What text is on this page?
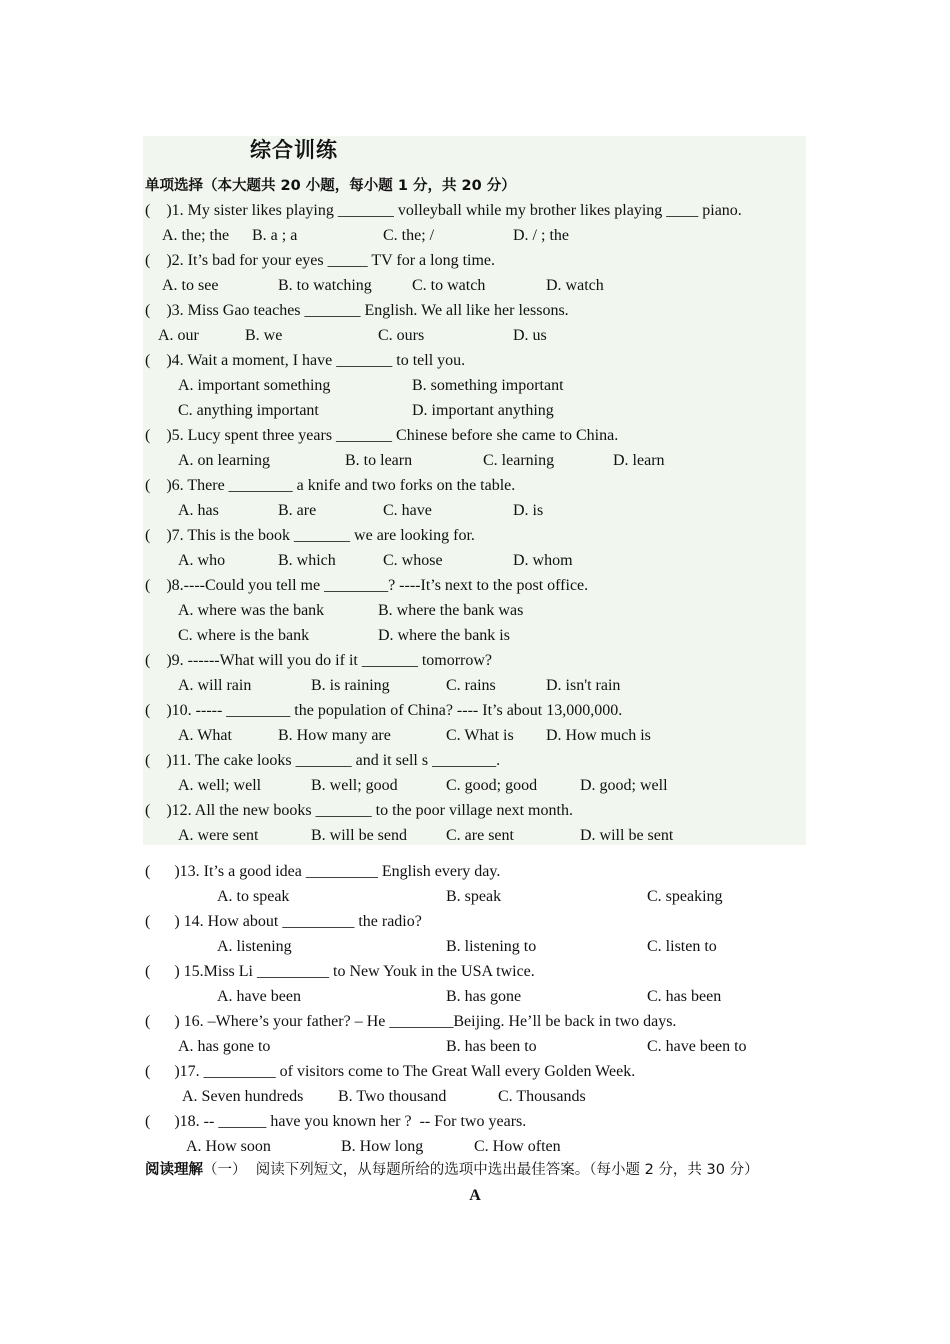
综合训练
单项选择（本大题共 20 小题，每小题 1 分，共 20 分）
(    )1. My sister likes playing _______ volleyball while my brother likes playing ____ piano.
A. the; the B. a ; a	C. the; /	D. / ; the
(    )2. It’s bad for your eyes _____ TV for a long time.
A. to see	B. to watching	C. to watch	D. watch
(    )3. Miss Gao teaches _______ English. We all like her lessons.
A. our	B. we	C. ours	D. us
(    )4. Wait a moment, I have _______ to tell you.
A. important something	B. something important
C. anything important	D. important anything
(    )5. Lucy spent three years _______ Chinese before she came to China.
A. on learning	B. to learn	C. learning	D. learn
(    )6. There ________ a knife and two forks on the table.
A. has	B. are	C. have	D. is
(    )7. This is the book _______ we are looking for.
A. who	B. which	C. whose	D. whom
(    )8.----Could you tell me ________? ----It’s next to the post office.
A. where was the bank	B. where the bank was
C. where is the bank	D. where the bank is
(    )9. ------What will you do if it _______ tomorrow?
A. will rain	B. is raining	C. rains	D. isn't rain
(    )10. ----- ________ the population of China? ---- It’s about 13,000,000.
A. What	B. How many are	C. What is D. How much is
(    )11. The cake looks _______ and it sell s ________.
A. well; well	B. well; good	C. good; good	D. good; well
(    )12. All the new books _______ to the poor village next month.
A. were sent	B. will be send C. are sent	D. will be sent
(      )13. It’s a good idea _________ English every day.
A. to speak	B. speak	C. speaking
(      ) 14. How about _________ the radio?
A. listening	B. listening to	C. listen to
(      ) 15.Miss Li _________ to New Youk in the USA twice.
A. have been	B. has gone	C. has been
(      ) 16. –Where’s your father? – He ________Beijing. He’ll be back in two days.
A. has gone to	B. has been to	C. have been to
(      )17. _________ of visitors come to The Great Wall every Golden Week.
A. Seven hundreds B. Two thousand	C. Thousands
(      )18. -- ______ have you known her ?  -- For two years.
A. How soon	B. How long	C. How often
阅读理解（一）  阅读下列短文，从每题所给的选项中选出最佳答案。（每小题 2 分，共 30 分）
A
